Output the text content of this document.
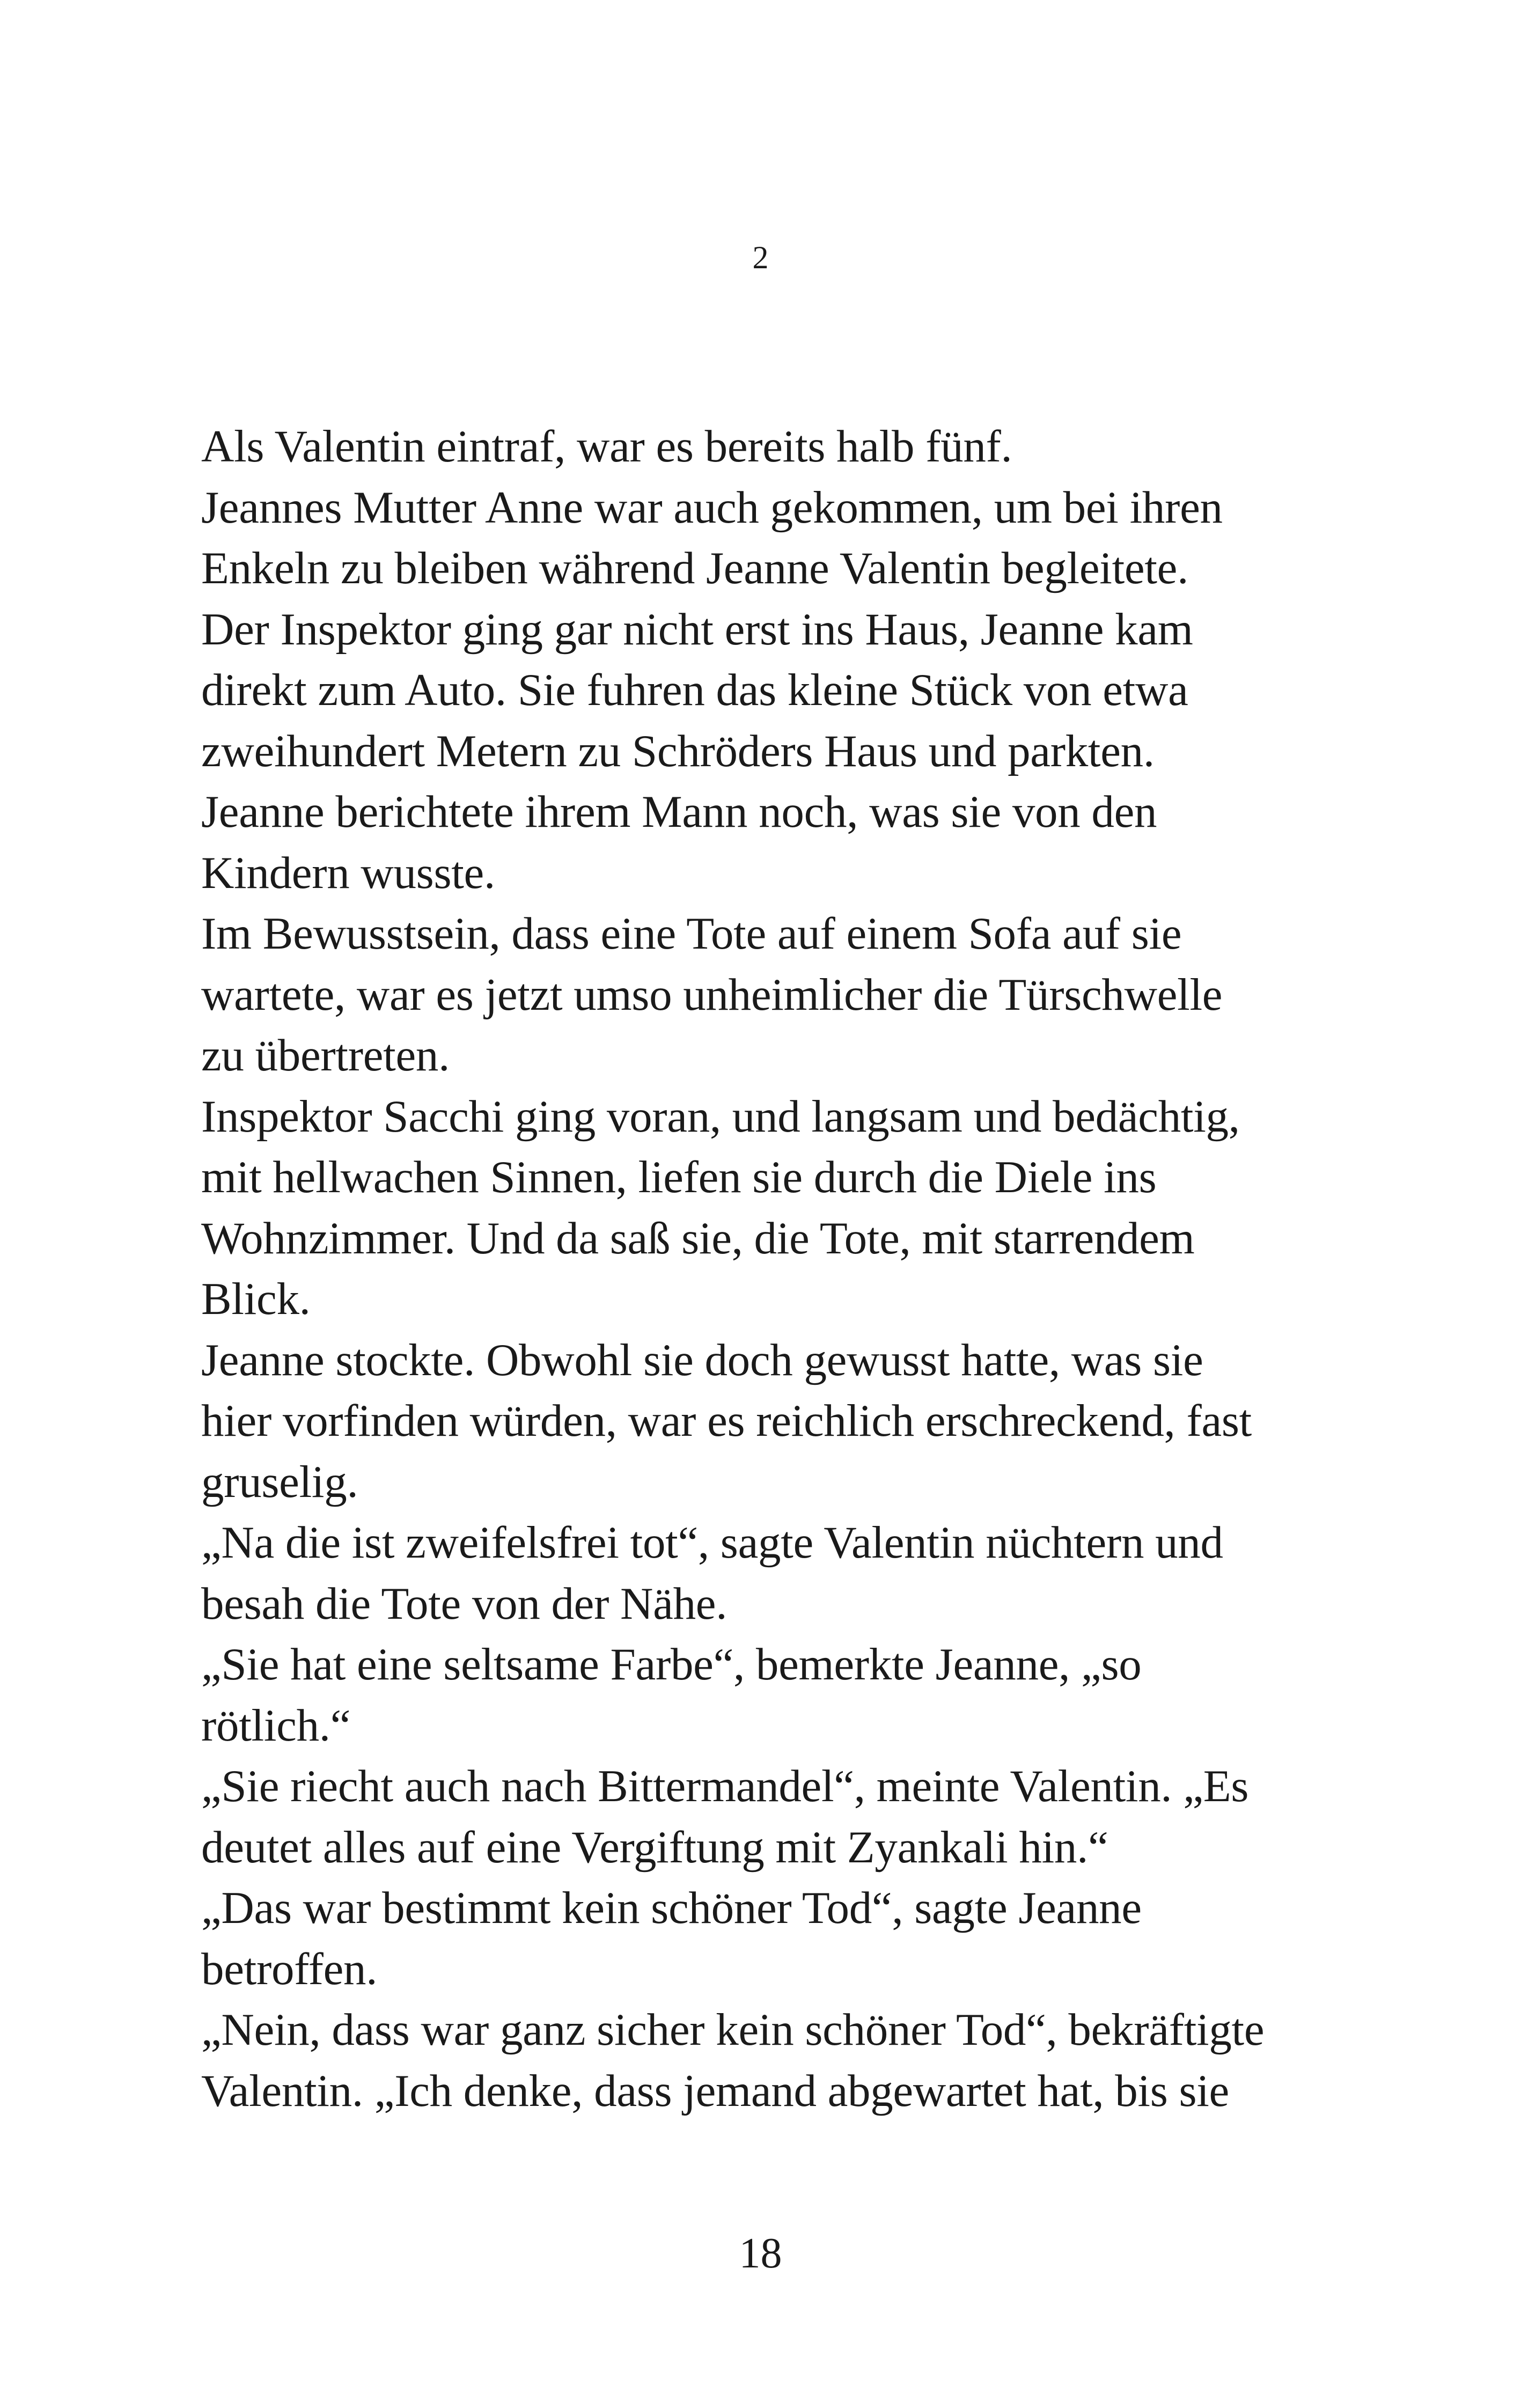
2
Als Valentin eintraf, war es bereits halb fünf.
Jeannes Mutter Anne war auch gekommen, um bei ihren
Enkeln zu bleiben während Jeanne Valentin begleitete.
Der Inspektor ging gar nicht erst ins Haus, Jeanne kam
direkt zum Auto. Sie fuhren das kleine Stück von etwa
zweihundert Metern zu Schröders Haus und parkten.
Jeanne berichtete ihrem Mann noch, was sie von den
Kindern wusste.
Im Bewusstsein, dass eine Tote auf einem Sofa auf sie
wartete, war es jetzt umso unheimlicher die Türschwelle
zu übertreten.
Inspektor Sacchi ging voran, und langsam und bedächtig,
mit hellwachen Sinnen, liefen sie durch die Diele ins
Wohnzimmer. Und da saß sie, die Tote, mit starrendem
Blick.
Jeanne stockte. Obwohl sie doch gewusst hatte, was sie
hier vorfinden würden, war es reichlich erschreckend, fast
gruselig.
„Na die ist zweifelsfrei tot“, sagte Valentin nüchtern und
besah die Tote von der Nähe.
„Sie hat eine seltsame Farbe“, bemerkte Jeanne, „so
rötlich.“
„Sie riecht auch nach Bittermandel“, meinte Valentin. „Es
deutet alles auf eine Vergiftung mit Zyankali hin.“
„Das war bestimmt kein schöner Tod“, sagte Jeanne
betroffen.
„Nein, dass war ganz sicher kein schöner Tod“, bekräftigte
Valentin. „Ich denke, dass jemand abgewartet hat, bis sie
18
